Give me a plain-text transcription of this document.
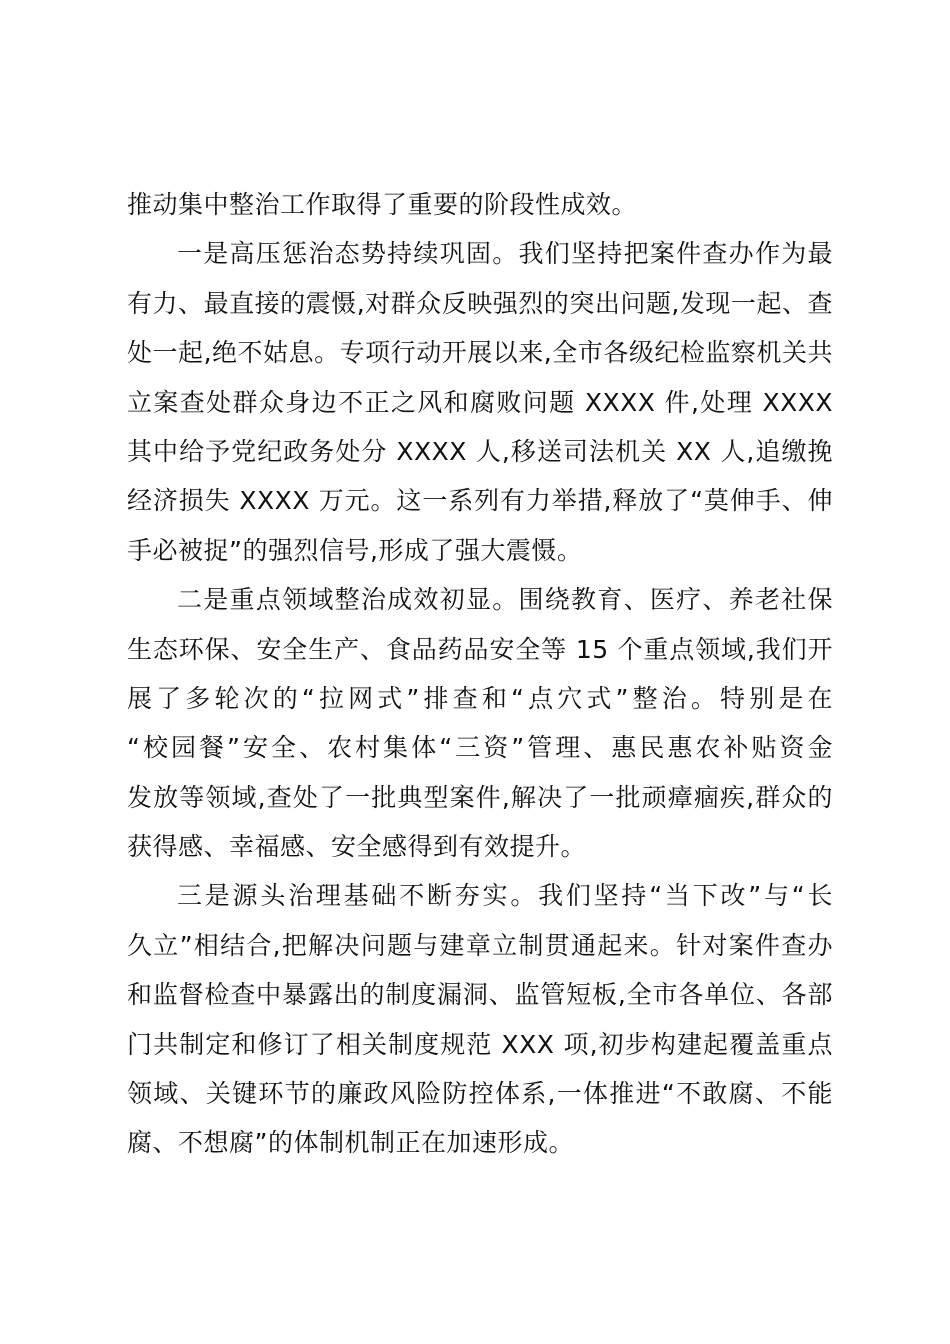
推动集中整治工作取得了重要的阶段性成效。
一是高压惩治态势持续巩固。我们坚持把案件查办作为最
有力、最直接的震慑,对群众反映强烈的突出问题,发现一起、查
处一起,绝不姑息。专项行动开展以来,全市各级纪检监察机关共
立案查处群众身边不正之风和腐败问题 XXXX 件,处理 XXXX
其中给予党纪政务处分 XXXX 人,移送司法机关 XX 人,追缴挽
经济损失 XXXX 万元。这一系列有力举措,释放了“莫伸手、伸
手必被捉”的强烈信号,形成了强大震慑。
二是重点领域整治成效初显。围绕教育、医疗、养老社保
生态环保、安全生产、食品药品安全等 15 个重点领域,我们开
展了多轮次的“拉网式”排查和“点穴式”整治。特别是在
“校园餐”安全、农村集体“三资”管理、惠民惠农补贴资金
发放等领域,查处了一批典型案件,解决了一批顽瘴痼疾,群众的
获得感、幸福感、安全感得到有效提升。
三是源头治理基础不断夯实。我们坚持“当下改”与“长
久立”相结合,把解决问题与建章立制贯通起来。针对案件查办
和监督检查中暴露出的制度漏洞、监管短板,全市各单位、各部
门共制定和修订了相关制度规范 XXX 项,初步构建起覆盖重点
领域、关键环节的廉政风险防控体系,一体推进“不敢腐、不能
腐、不想腐”的体制机制正在加速形成。
